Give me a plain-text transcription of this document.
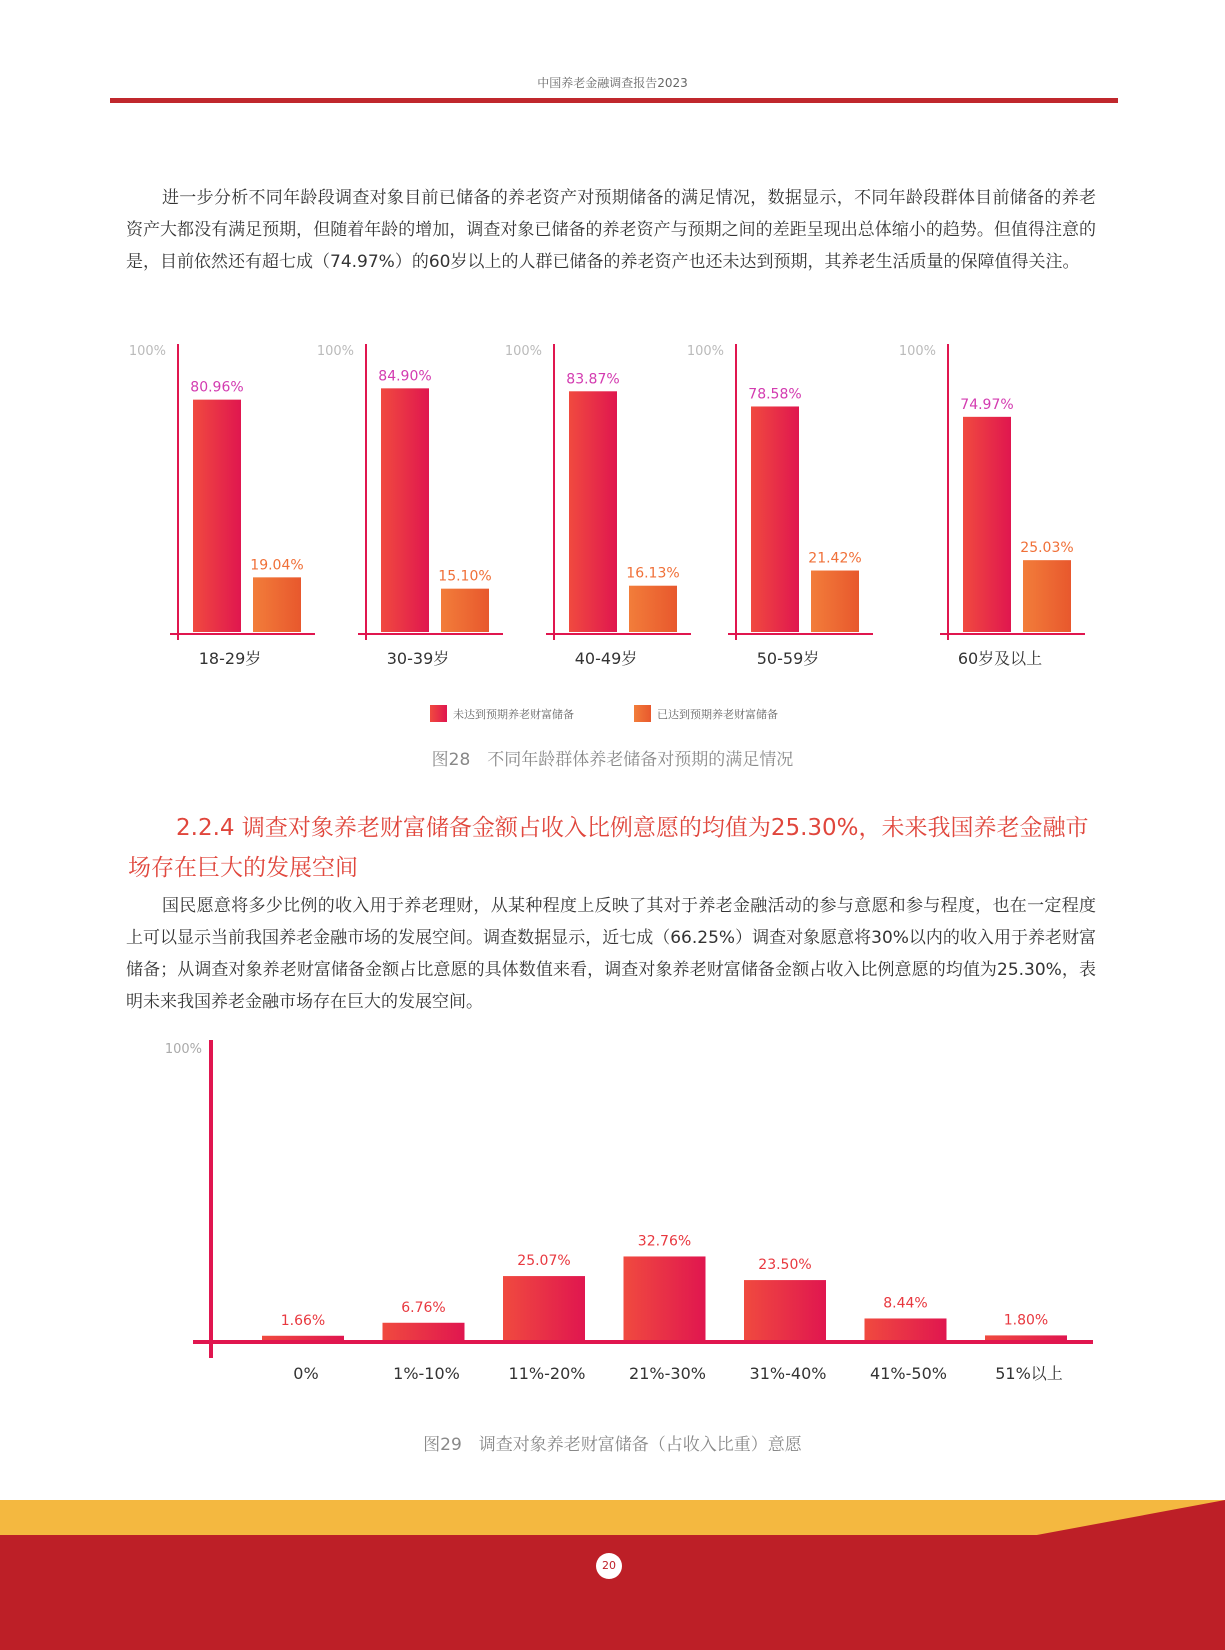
中国养老金融调查报告2023

进一步分析不同年龄段调查对象目前已储备的养老资产对预期储备的满足情况，数据显示，不同年龄段群体目前储备的养老资产大都没有满足预期，但随着年龄的增加，调查对象已储备的养老资产与预期之间的差距呈现出总体缩小的趋势。但值得注意的是，目前依然还有超七成（74.97%）的60岁以上的人群已储备的养老资产也还未达到预期，其养老生活质量的保障值得关注。

100%
80.96%
19.04%
18-29岁
100%
84.90%
15.10%
30-39岁
100%
83.87%
16.13%
40-49岁
100%
78.58%
21.42%
50-59岁
100%
74.97%
25.03%
60岁及以上
未达到预期养老财富储备	已达到预期养老财富储备
图28　不同年龄群体养老储备对预期的满足情况
2.2.4 调查对象养老财富储备金额占收入比例意愿的均值为25.30%，未来我国养老金融市场存在巨大的发展空间

国民愿意将多少比例的收入用于养老理财，从某种程度上反映了其对于养老金融活动的参与意愿和参与程度，也在一定程度上可以显示当前我国养老金融市场的发展空间。调查数据显示，近七成（66.25%）调查对象愿意将30%以内的收入用于养老财富储备；从调查对象养老财富储备金额占比意愿的具体数值来看，调查对象养老财富储备金额占收入比例意愿的均值为25.30%，表明未来我国养老金融市场存在巨大的发展空间。

100%
1.66%
0%
6.76%
1%-10%
25.07%
11%-20%
32.76%
21%-30%
23.50%
31%-40%
8.44%
41%-50%
1.80%
51%以上
图29　调查对象养老财富储备（占收入比重）意愿
20
